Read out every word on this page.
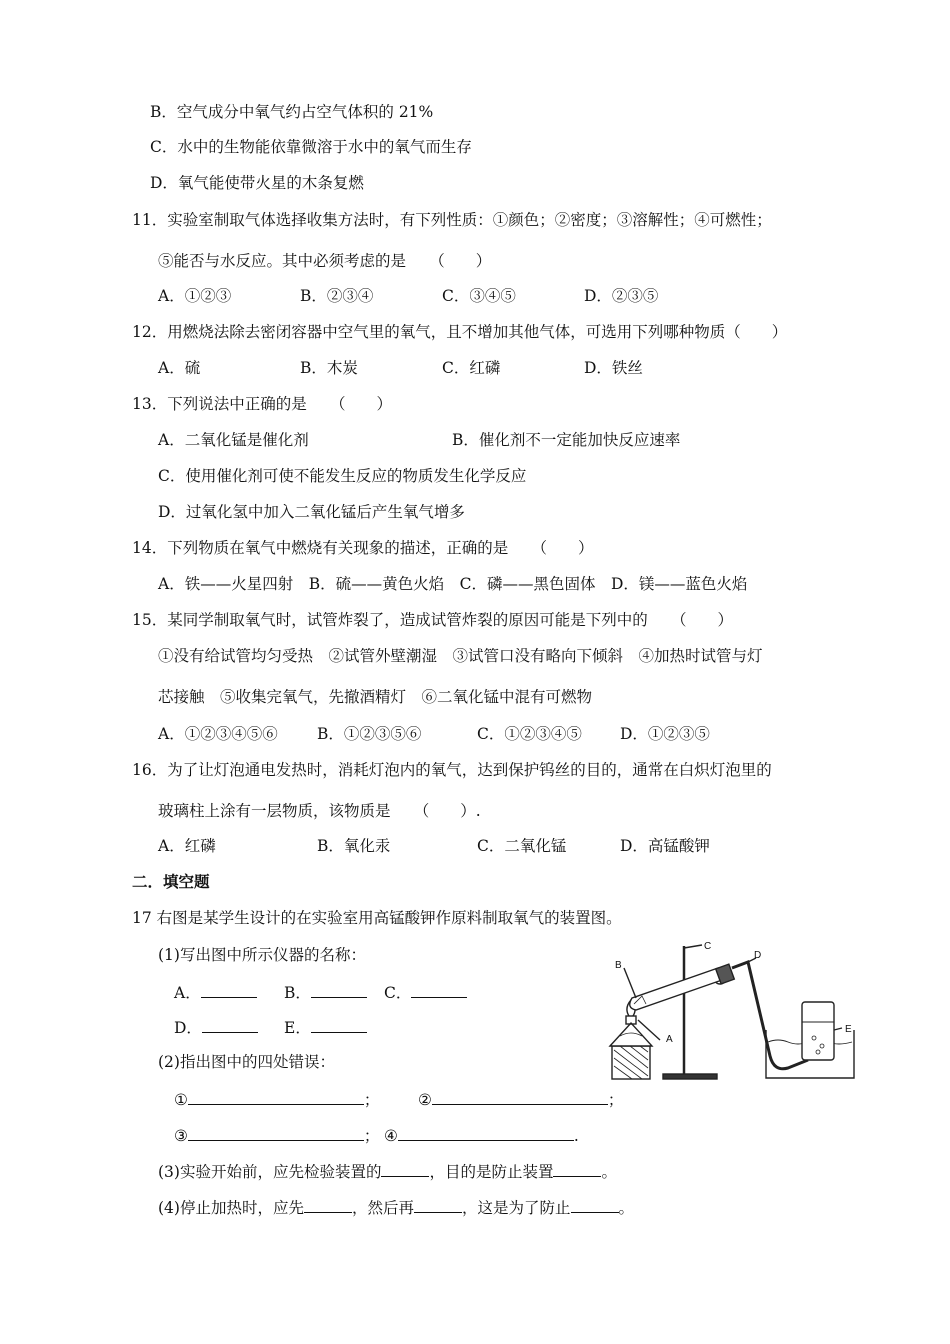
B．空气成分中氧气约占空气体积的 21%
C．水中的生物能依靠微溶于水中的氧气而生存
D．氧气能使带火星的木条复燃
11．实验室制取气体选择收集方法时，有下列性质：①颜色；②密度；③溶解性；④可燃性；
⑤能否与水反应。其中必须考虑的是　　（　　）
A．①②③	B．②③④	C．③④⑤	D．②③⑤
12．用燃烧法除去密闭容器中空气里的氧气，且不增加其他气体，可选用下列哪种物质（　　）
A．硫	B．木炭	C．红磷	D．铁丝
13．下列说法中正确的是　　（　　）
A．二氧化锰是催化剂	B．催化剂不一定能加快反应速率
C．使用催化剂可使不能发生反应的物质发生化学反应
D．过氧化氢中加入二氧化锰后产生氧气增多
14．下列物质在氧气中燃烧有关现象的描述，正确的是　　（　　）
A．铁——火星四射　B．硫——黄色火焰　C．磷——黑色固体　D．镁——蓝色火焰
15．某同学制取氧气时，试管炸裂了，造成试管炸裂的原因可能是下列中的　　（　　）
①没有给试管均匀受热　②试管外壁潮湿　③试管口没有略向下倾斜　④加热时试管与灯
芯接触　⑤收集完氧气，先撤酒精灯　⑥二氧化锰中混有可燃物
A．①②③④⑤⑥	B．①②③⑤⑥	C．①②③④⑤ D．①②③⑤
16．为了让灯泡通电发热时，消耗灯泡内的氧气，达到保护钨丝的目的，通常在白炽灯泡里的
玻璃柱上涂有一层物质，该物质是　　（　　）.
A．红磷	B．氧化汞	C．二氧化锰	D．高锰酸钾
二．填空题
17 右图是某学生设计的在实验室用高锰酸钾作原料制取氧气的装置图。
(1)写出图中所示仪器的名称：
A．	B．	C．
D．	E．
(2)指出图中的四处错误：
①	； ②	；
③	； ④	.
(3)实验开始前，应先检验装置的	，目的是防止装置	。
(4)停止加热时，应先	，然后再	，这是为了防止	。
A
B
C
D
E
